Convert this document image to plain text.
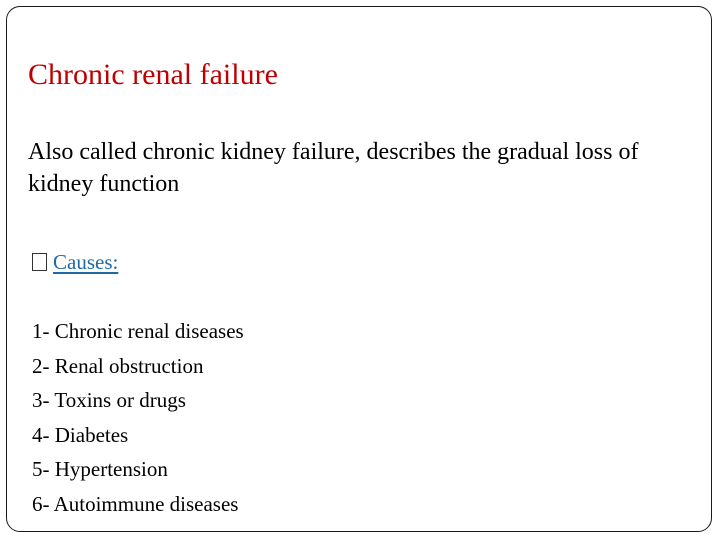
Chronic renal failure

Also called chronic kidney failure, describes the gradual loss of kidney function

Causes:
1- Chronic renal diseases
2- Renal obstruction
3- Toxins or drugs
4- Diabetes
5- Hypertension
6- Autoimmune diseases
